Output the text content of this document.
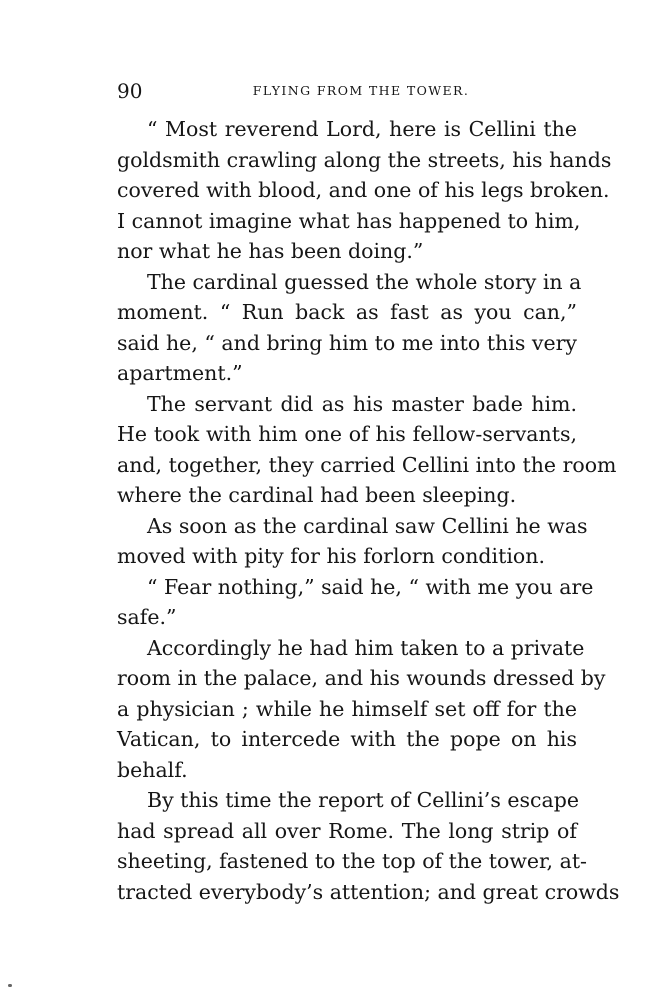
90	FLYING FROM THE TOWER.
“ Most reverend Lord, here is Cellini the
goldsmith crawling along the streets, his hands
covered with blood, and one of his legs broken.
I cannot imagine what has happened to him,
nor what he has been doing.”
The cardinal guessed the whole story in a
moment. “ Run back as fast as you can,”
said he, “ and bring him to me into this very
apartment.”
The servant did as his master bade him.
He took with him one of his fellow-servants,
and, together, they carried Cellini into the room
where the cardinal had been sleeping.
As soon as the cardinal saw Cellini he was
moved with pity for his forlorn condition.
“ Fear nothing,” said he, “ with me you are
safe.”
Accordingly he had him taken to a private
room in the palace, and his wounds dressed by
a physician ; while he himself set off for the
Vatican, to intercede with the pope on his
behalf.
By this time the report of Cellini’s escape
had spread all over Rome. The long strip of
sheeting, fastened to the top of the tower, at-
tracted everybody’s attention; and great crowds
